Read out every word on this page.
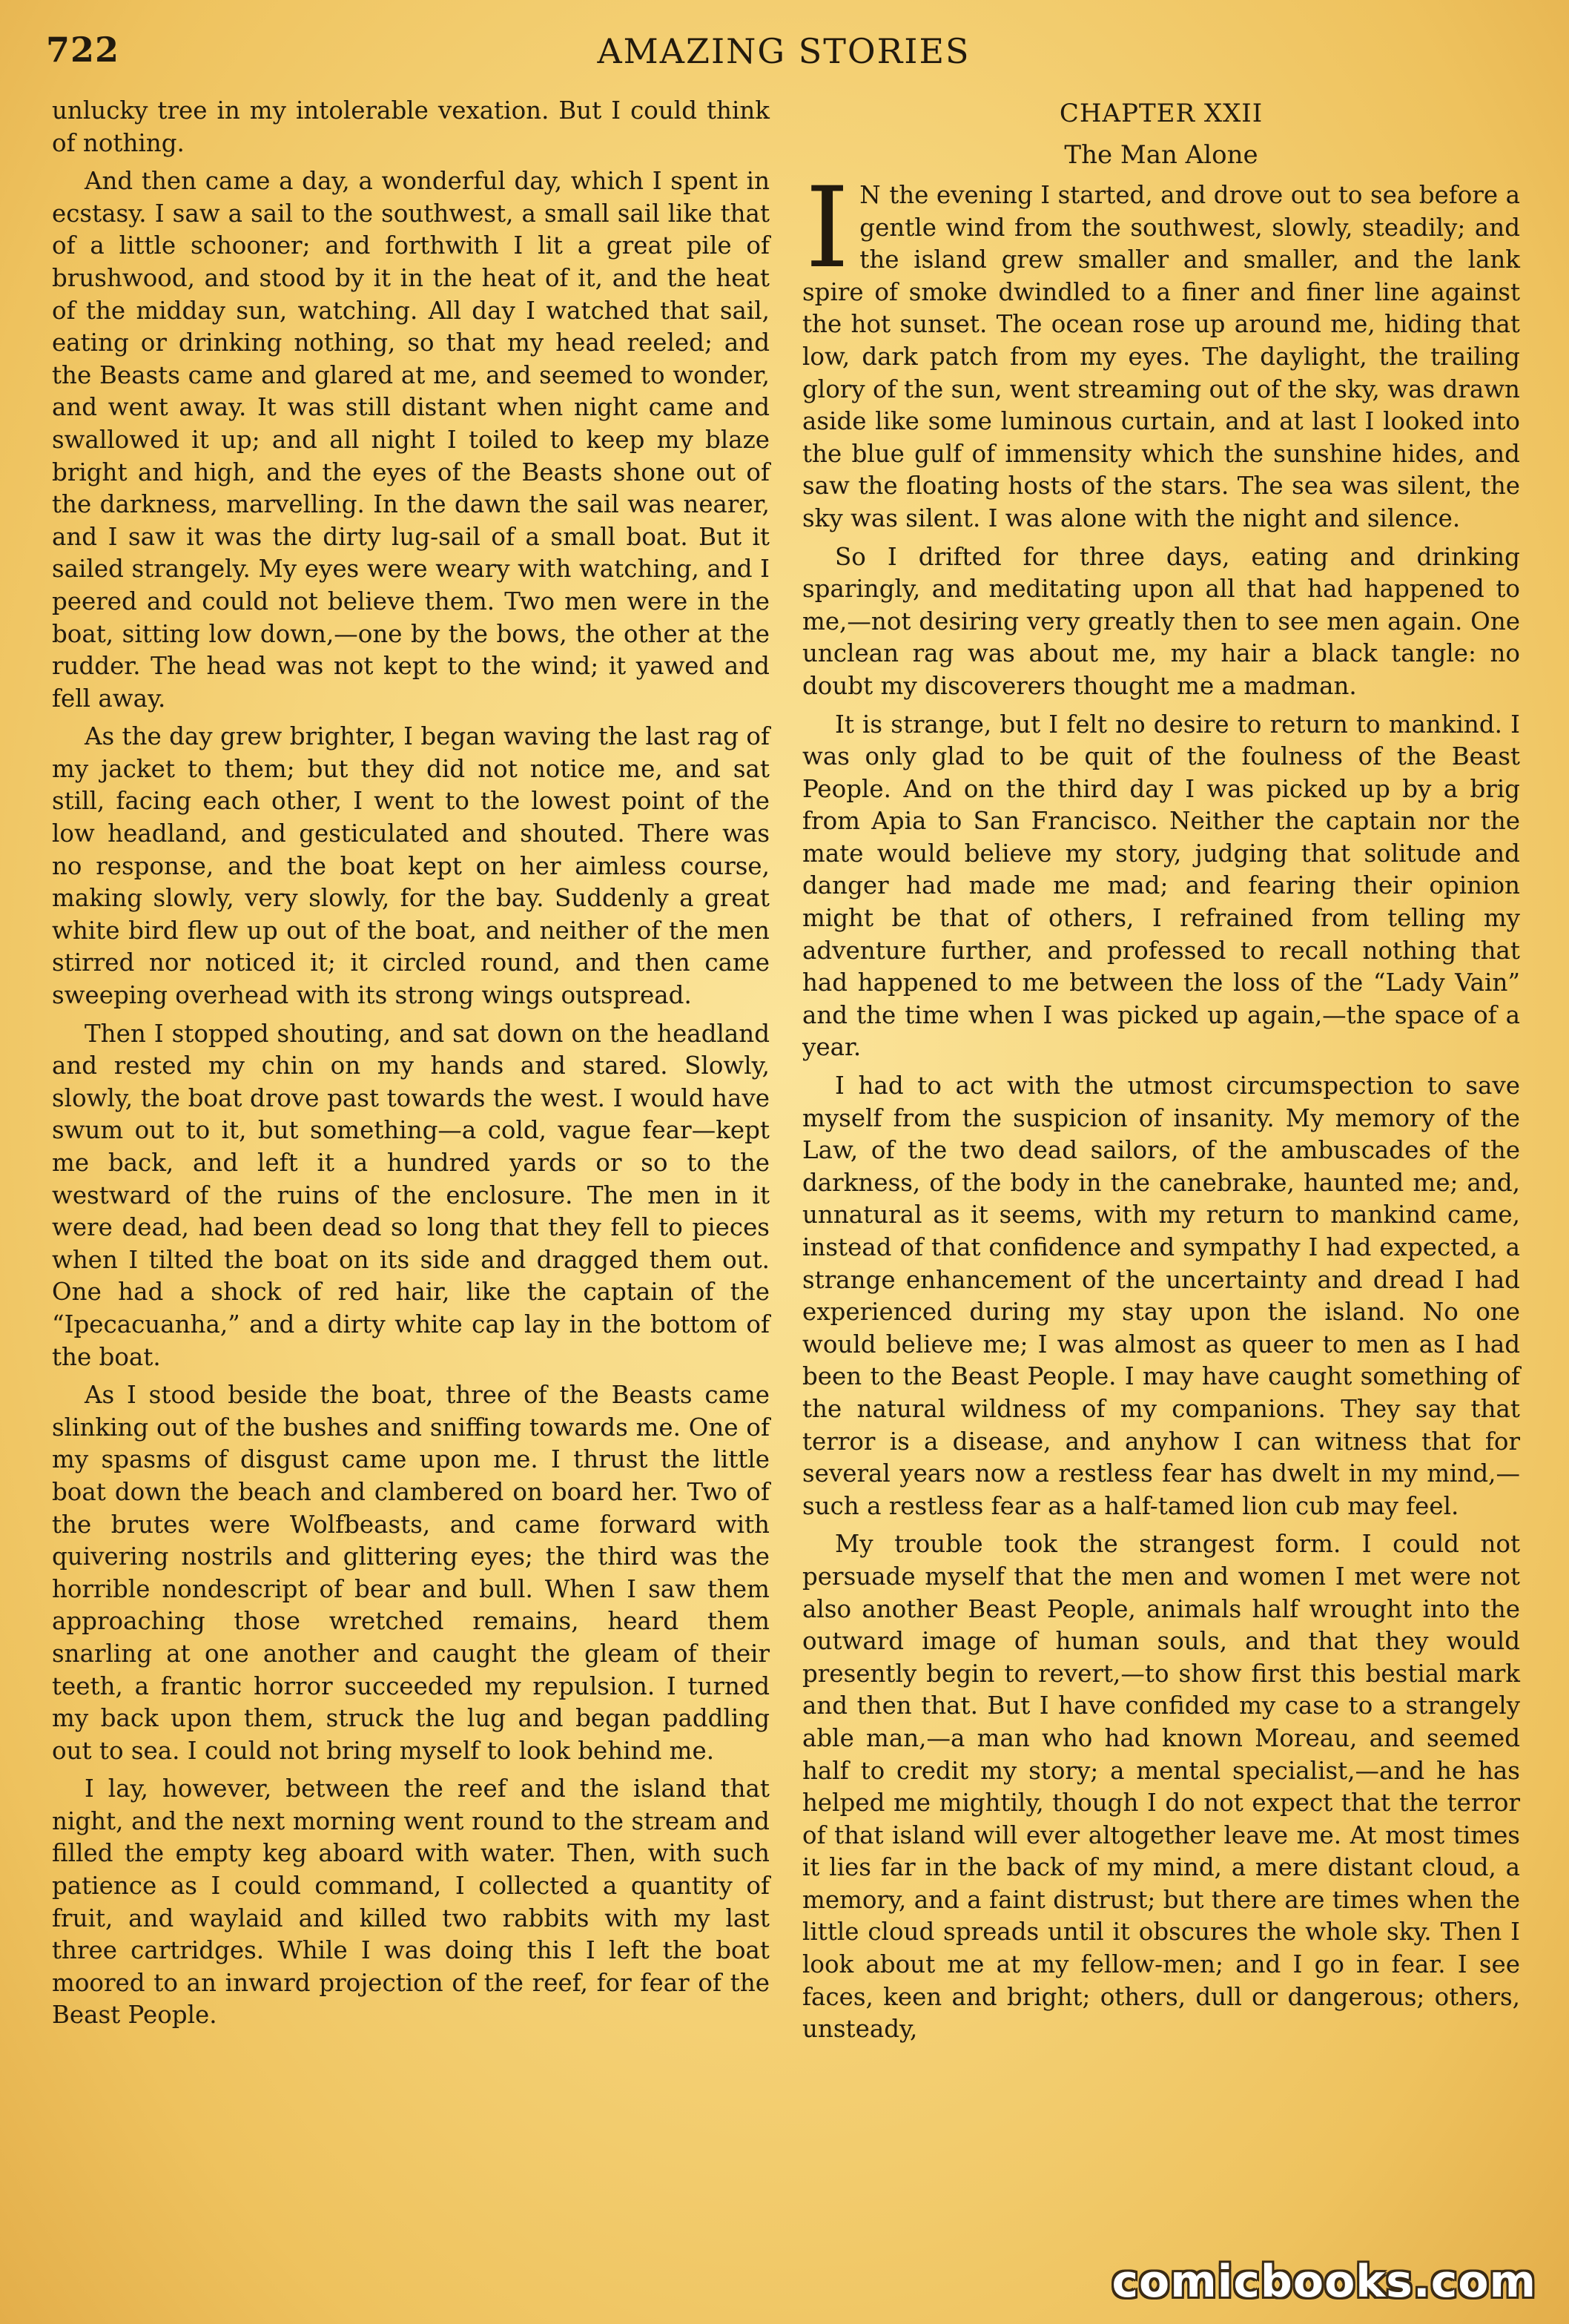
722	AMAZING STORIES

unlucky tree in my intolerable vexation. But I could think of nothing.

And then came a day, a wonderful day, which I spent in ecstasy. I saw a sail to the southwest, a small sail like that of a little schooner; and forthwith I lit a great pile of brushwood, and stood by it in the heat of it, and the heat of the midday sun, watching. All day I watched that sail, eating or drinking nothing, so that my head reeled; and the Beasts came and glared at me, and seemed to wonder, and went away. It was still distant when night came and swallowed it up; and all night I toiled to keep my blaze bright and high, and the eyes of the Beasts shone out of the darkness, marvelling. In the dawn the sail was nearer, and I saw it was the dirty lug-sail of a small boat. But it sailed strangely. My eyes were weary with watching, and I peered and could not believe them. Two men were in the boat, sitting low down,—one by the bows, the other at the rudder. The head was not kept to the wind; it yawed and fell away.

As the day grew brighter, I began waving the last rag of my jacket to them; but they did not notice me, and sat still, facing each other, I went to the lowest point of the low headland, and gesticulated and shouted. There was no response, and the boat kept on her aimless course, making slowly, very slowly, for the bay. Suddenly a great white bird flew up out of the boat, and neither of the men stirred nor noticed it; it circled round, and then came sweeping overhead with its strong wings outspread.

Then I stopped shouting, and sat down on the headland and rested my chin on my hands and stared. Slowly, slowly, the boat drove past towards the west. I would have swum out to it, but something—a cold, vague fear—kept me back, and left it a hundred yards or so to the westward of the ruins of the enclosure. The men in it were dead, had been dead so long that they fell to pieces when I tilted the boat on its side and dragged them out. One had a shock of red hair, like the captain of the “Ipecacuanha,” and a dirty white cap lay in the bottom of the boat.

As I stood beside the boat, three of the Beasts came slinking out of the bushes and sniffing towards me. One of my spasms of disgust came upon me. I thrust the little boat down the beach and clambered on board her. Two of the brutes were Wolfbeasts, and came forward with quivering nostrils and glittering eyes; the third was the horrible nondescript of bear and bull. When I saw them approaching those wretched remains, heard them snarling at one another and caught the gleam of their teeth, a frantic horror succeeded my repulsion. I turned my back upon them, struck the lug and began paddling out to sea. I could not bring myself to look behind me.

I lay, however, between the reef and the island that night, and the next morning went round to the stream and filled the empty keg aboard with water. Then, with such patience as I could command, I collected a quantity of fruit, and waylaid and killed two rabbits with my last three cartridges. While I was doing this I left the boat moored to an inward projection of the reef, for fear of the Beast People.

CHAPTER XXII
The Man Alone

I N the evening I started, and drove out to sea before a gentle wind from the southwest, slowly, steadily; and the island grew smaller and smaller, and the lank spire of smoke dwindled to a finer and finer line against the hot sunset. The ocean rose up around me, hiding that low, dark patch from my eyes. The daylight, the trailing glory of the sun, went streaming out of the sky, was drawn aside like some luminous curtain, and at last I looked into the blue gulf of immensity which the sunshine hides, and saw the floating hosts of the stars. The sea was silent, the sky was silent. I was alone with the night and silence.

So I drifted for three days, eating and drinking sparingly, and meditating upon all that had happened to me,—not desiring very greatly then to see men again. One unclean rag was about me, my hair a black tangle: no doubt my discoverers thought me a madman.

It is strange, but I felt no desire to return to mankind. I was only glad to be quit of the foulness of the Beast People. And on the third day I was picked up by a brig from Apia to San Francisco. Neither the captain nor the mate would believe my story, judging that solitude and danger had made me mad; and fearing their opinion might be that of others, I refrained from telling my adventure further, and professed to recall nothing that had happened to me between the loss of the “Lady Vain” and the time when I was picked up again,—the space of a year.

I had to act with the utmost circumspection to save myself from the suspicion of insanity. My memory of the Law, of the two dead sailors, of the ambuscades of the darkness, of the body in the canebrake, haunted me; and, unnatural as it seems, with my return to mankind came, instead of that confidence and sympathy I had expected, a strange enhancement of the uncertainty and dread I had experienced during my stay upon the island. No one would believe me; I was almost as queer to men as I had been to the Beast People. I may have caught something of the natural wildness of my companions. They say that terror is a disease, and anyhow I can witness that for several years now a restless fear has dwelt in my mind,—such a restless fear as a half-tamed lion cub may feel.

My trouble took the strangest form. I could not persuade myself that the men and women I met were not also another Beast People, animals half wrought into the outward image of human souls, and that they would presently begin to revert,—to show first this bestial mark and then that. But I have confided my case to a strangely able man,—a man who had known Moreau, and seemed half to credit my story; a mental specialist,—and he has helped me mightily, though I do not expect that the terror of that island will ever altogether leave me. At most times it lies far in the back of my mind, a mere distant cloud, a memory, and a faint distrust; but there are times when the little cloud spreads until it obscures the whole sky. Then I look about me at my fellow-men; and I go in fear. I see faces, keen and bright; others, dull or dangerous; others, unsteady,

comicbooks.com
